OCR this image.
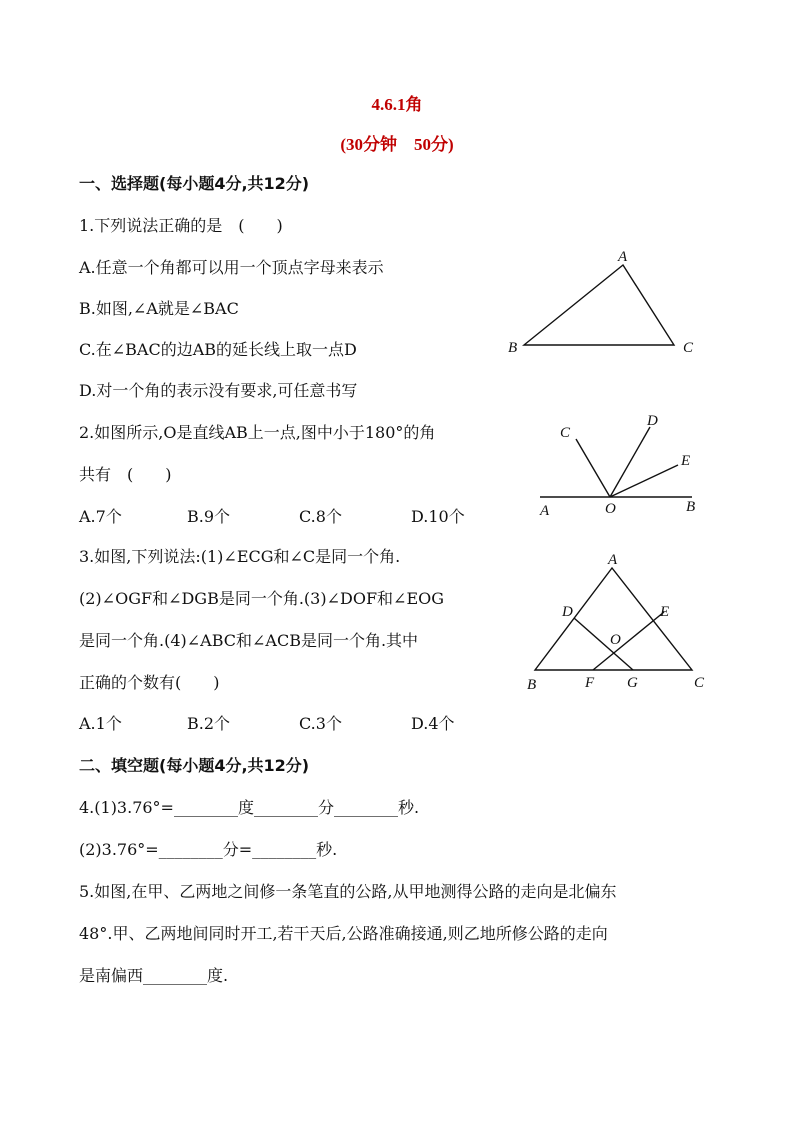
4.6.1角
(30分钟　50分)
一、选择题(每小题4分,共12分)
1.下列说法正确的是　(　　)
A.任意一个角都可以用一个顶点字母来表示
B.如图,∠A就是∠BAC
C.在∠BAC的边AB的延长线上取一点D
D.对一个角的表示没有要求,可任意书写
A
B	C
2.如图所示,O是直线AB上一点,图中小于180°的角
共有　(　　)
A.7个	B.9个	C.8个	D.10个
C
D
E
A	O	B
3.如图,下列说法:(1)∠ECG和∠C是同一个角.
(2)∠OGF和∠DGB是同一个角.(3)∠DOF和∠EOG
是同一个角.(4)∠ABC和∠ACB是同一个角.其中
正确的个数有(　　)
A.1个	B.2个	C.3个	D.4个
A
D	E
O
B	F G	C
二、填空题(每小题4分,共12分)
4.(1)3.76°=________度________分________秒.
(2)3.76°=________分=________秒.
5.如图,在甲、乙两地之间修一条笔直的公路,从甲地测得公路的走向是北偏东
48°.甲、乙两地间同时开工,若干天后,公路准确接通,则乙地所修公路的走向
是南偏西________度.
